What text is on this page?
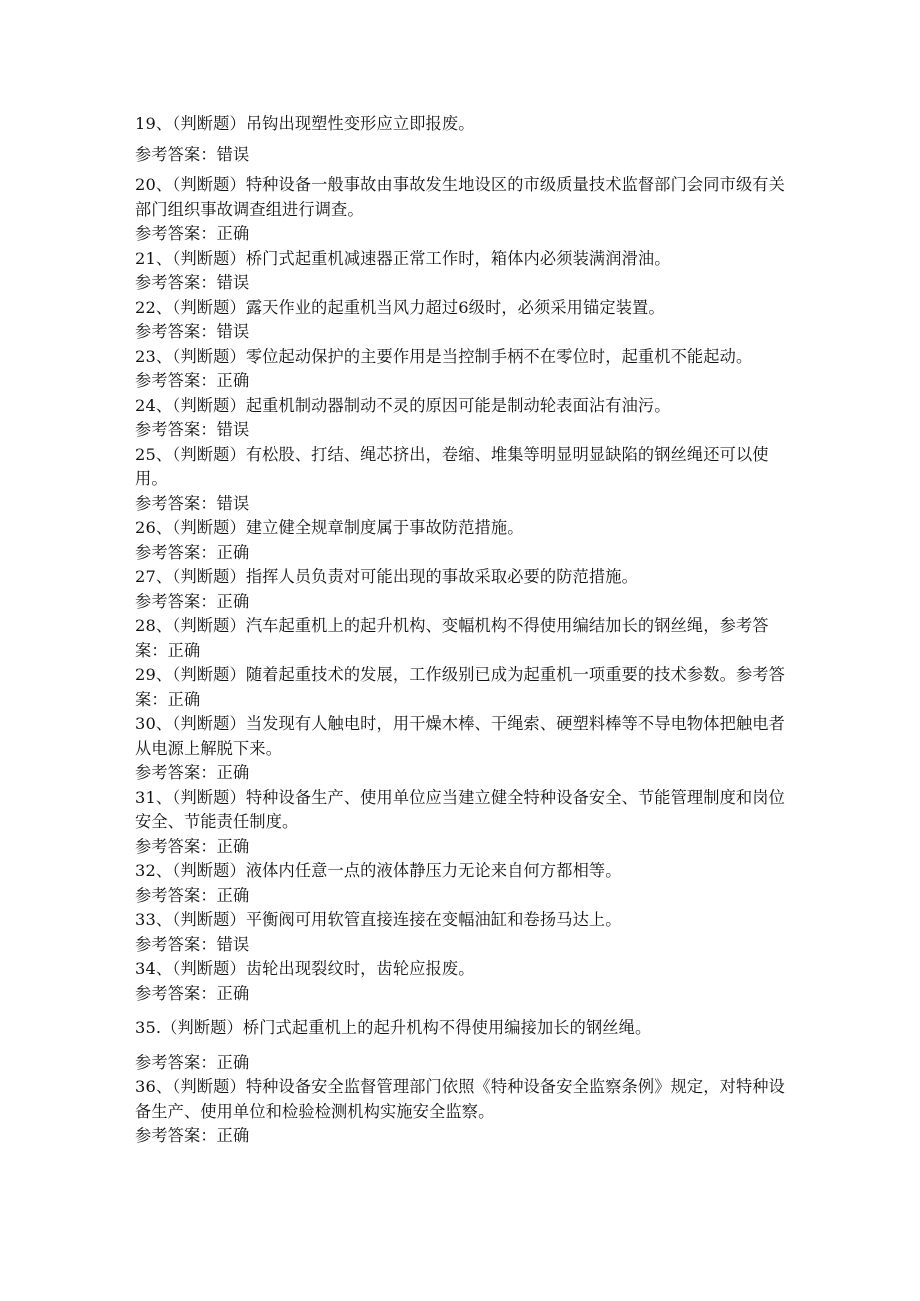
19、（判断题）吊钩出现塑性变形应立即报废。
参考答案：错误
20、（判断题）特种设备一般事故由事故发生地设区的市级质量技术监督部门会同市级有关部门组织事故调查组进行调查。
参考答案：正确
21、（判断题）桥门式起重机减速器正常工作时，箱体内必须装满润滑油。
参考答案：错误
22、（判断题）露天作业的起重机当风力超过6级时，必须采用锚定装置。
参考答案：错误
23、（判断题）零位起动保护的主要作用是当控制手柄不在零位时，起重机不能起动。
参考答案：正确
24、（判断题）起重机制动器制动不灵的原因可能是制动轮表面沾有油污。
参考答案：错误
25、（判断题）有松股、打结、绳芯挤出，卷缩、堆集等明显明显缺陷的钢丝绳还可以使用。
参考答案：错误
26、（判断题）建立健全规章制度属于事故防范措施。
参考答案：正确
27、（判断题）指挥人员负责对可能出现的事故采取必要的防范措施。
参考答案：正确
28、（判断题）汽车起重机上的起升机构、变幅机构不得使用编结加长的钢丝绳，参考答案：正确
29、（判断题）随着起重技术的发展，工作级别已成为起重机一项重要的技术参数。参考答案：正确
30、（判断题）当发现有人触电时，用干燥木棒、干绳索、硬塑料棒等不导电物体把触电者从电源上解脱下来。
参考答案：正确
31、（判断题）特种设备生产、使用单位应当建立健全特种设备安全、节能管理制度和岗位安全、节能责任制度。
参考答案：正确
32、（判断题）液体内任意一点的液体静压力无论来自何方都相等。
参考答案：正确
33、（判断题）平衡阀可用软管直接连接在变幅油缸和卷扬马达上。
参考答案：错误
34、（判断题）齿轮出现裂纹时，齿轮应报废。
参考答案：正确
35.（判断题）桥门式起重机上的起升机构不得使用编接加长的钢丝绳。
参考答案：正确
36、（判断题）特种设备安全监督管理部门依照《特种设备安全监察条例》规定，对特种设备生产、使用单位和检验检测机构实施安全监察。
参考答案：正确
